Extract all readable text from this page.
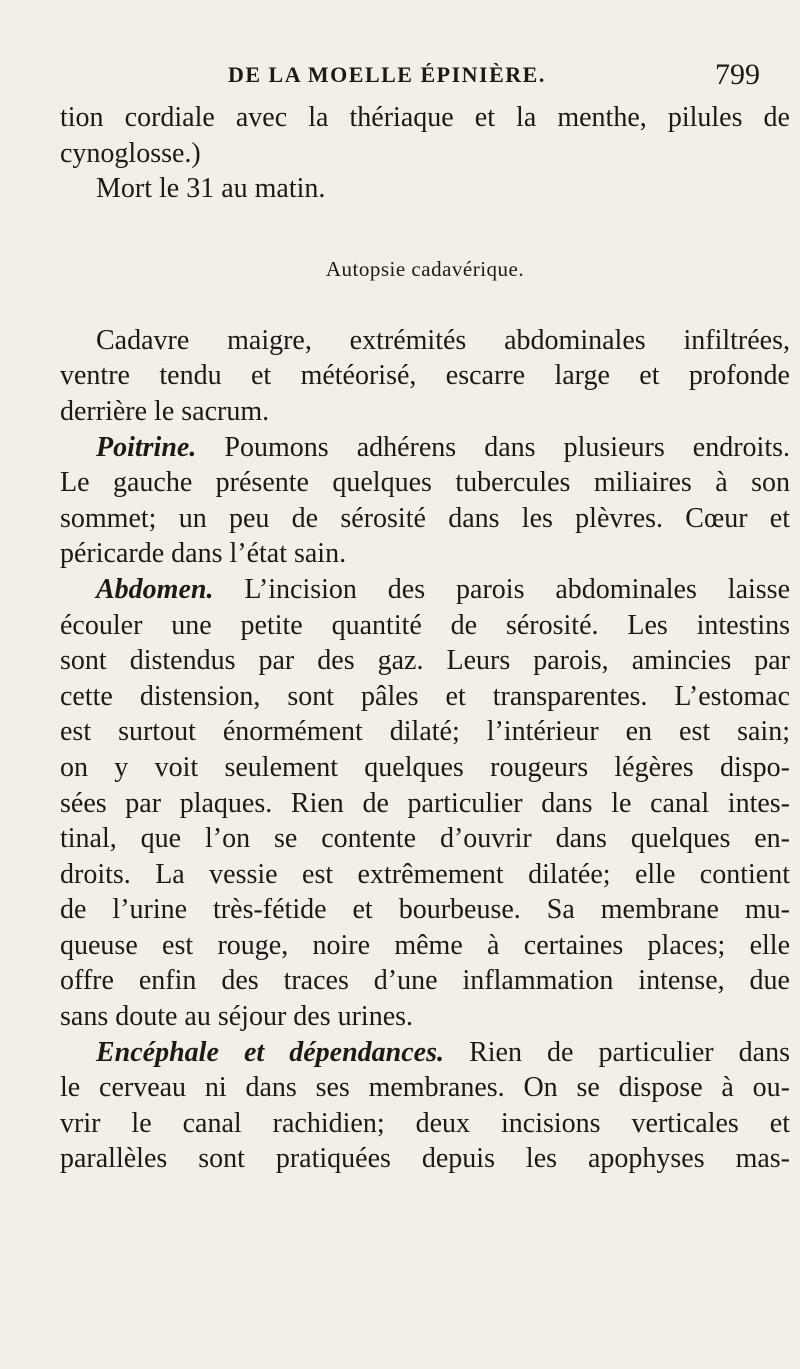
DE LA MOELLE ÉPINIÈRE.	799
tion cordiale avec la thériaque et la menthe, pilules de
cynoglosse.)
Mort le 31 au matin.
Autopsie cadavérique.
Cadavre maigre, extrémités abdominales infiltrées,
ventre tendu et météorisé, escarre large et profonde
derrière le sacrum.
Poitrine. Poumons adhérens dans plusieurs endroits.
Le gauche présente quelques tubercules miliaires à son
sommet; un peu de sérosité dans les plèvres. Cœur et
péricarde dans l’état sain.
Abdomen. L’incision des parois abdominales laisse
écouler une petite quantité de sérosité. Les intestins
sont distendus par des gaz. Leurs parois, amincies par
cette distension, sont pâles et transparentes. L’estomac
est surtout énormément dilaté; l’intérieur en est sain;
on y voit seulement quelques rougeurs légères dispo-
sées par plaques. Rien de particulier dans le canal intes-
tinal, que l’on se contente d’ouvrir dans quelques en-
droits. La vessie est extrêmement dilatée; elle contient
de l’urine très-fétide et bourbeuse. Sa membrane mu-
queuse est rouge, noire même à certaines places; elle
offre enfin des traces d’une inflammation intense, due
sans doute au séjour des urines.
Encéphale et dépendances. Rien de particulier dans
le cerveau ni dans ses membranes. On se dispose à ou-
vrir le canal rachidien; deux incisions verticales et
parallèles sont pratiquées depuis les apophyses mas-
